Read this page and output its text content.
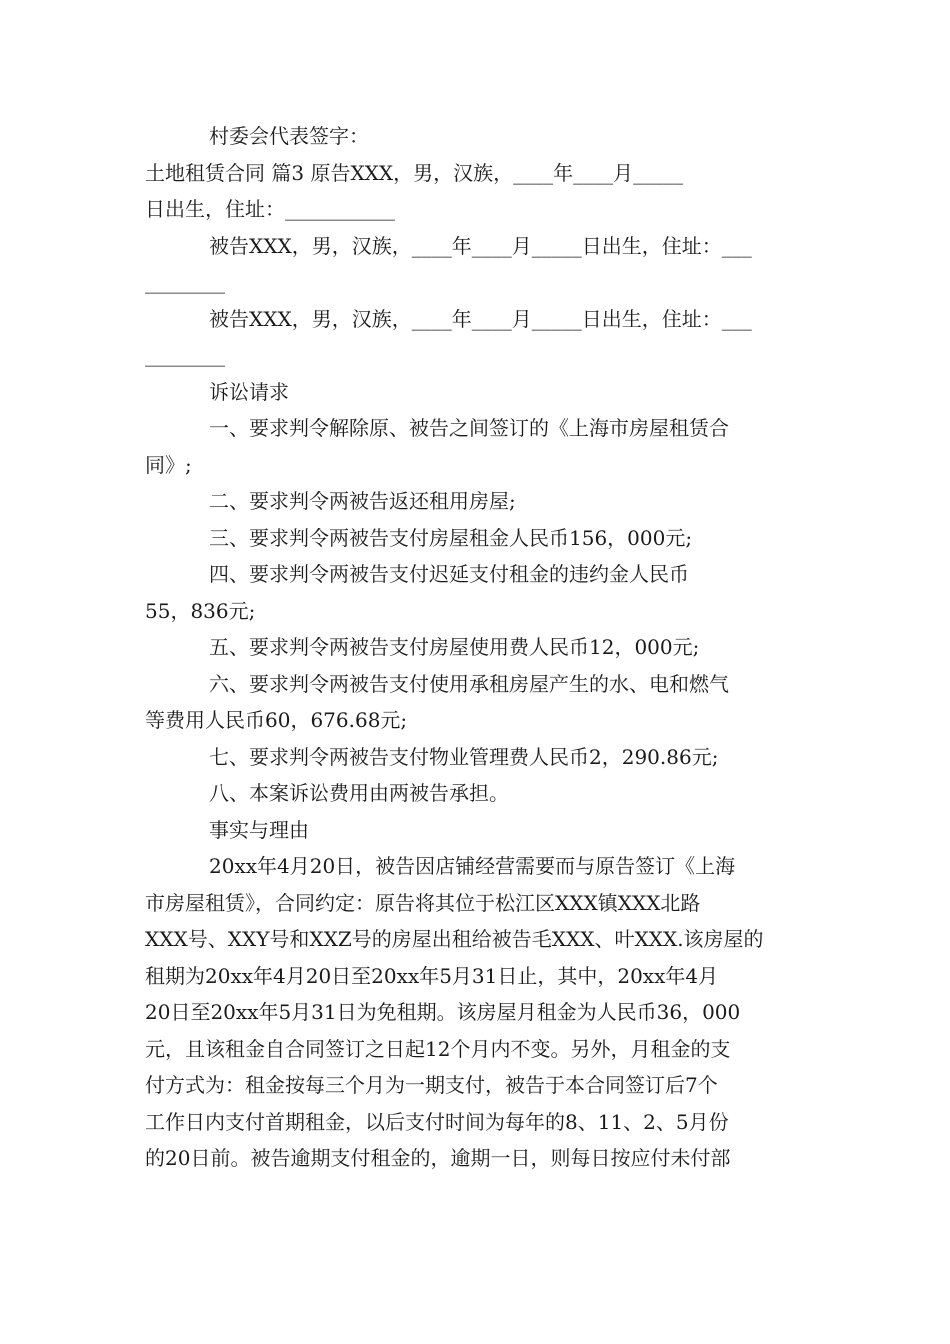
村委会代表签字：
土地租赁合同 篇3 原告XXX，男，汉族，____年____月_____
日出生，住址：___________
被告XXX，男，汉族，____年____月_____日出生，住址：___
________
被告XXX，男，汉族，____年____月_____日出生，住址：___
________
诉讼请求
一、要求判令解除原、被告之间签订的《上海市房屋租赁合
同》;
二、要求判令两被告返还租用房屋;
三、要求判令两被告支付房屋租金人民币156，000元;
四、要求判令两被告支付迟延支付租金的违约金人民币
55，836元;
五、要求判令两被告支付房屋使用费人民币12，000元;
六、要求判令两被告支付使用承租房屋产生的水、电和燃气
等费用人民币60，676.68元;
七、要求判令两被告支付物业管理费人民币2，290.86元;
八、本案诉讼费用由两被告承担。
事实与理由
20xx年4月20日，被告因店铺经营需要而与原告签订《上海
市房屋租赁》，合同约定：原告将其位于松江区XXX镇XXX北路
XXX号、XXY号和XXZ号的房屋出租给被告毛XXX、叶XXX.该房屋的
租期为20xx年4月20日至20xx年5月31日止，其中，20xx年4月
20日至20xx年5月31日为免租期。该房屋月租金为人民币36，000
元，且该租金自合同签订之日起12个月内不变。另外，月租金的支
付方式为：租金按每三个月为一期支付，被告于本合同签订后7个
工作日内支付首期租金，以后支付时间为每年的8、11、2、5月份
的20日前。被告逾期支付租金的，逾期一日，则每日按应付未付部
